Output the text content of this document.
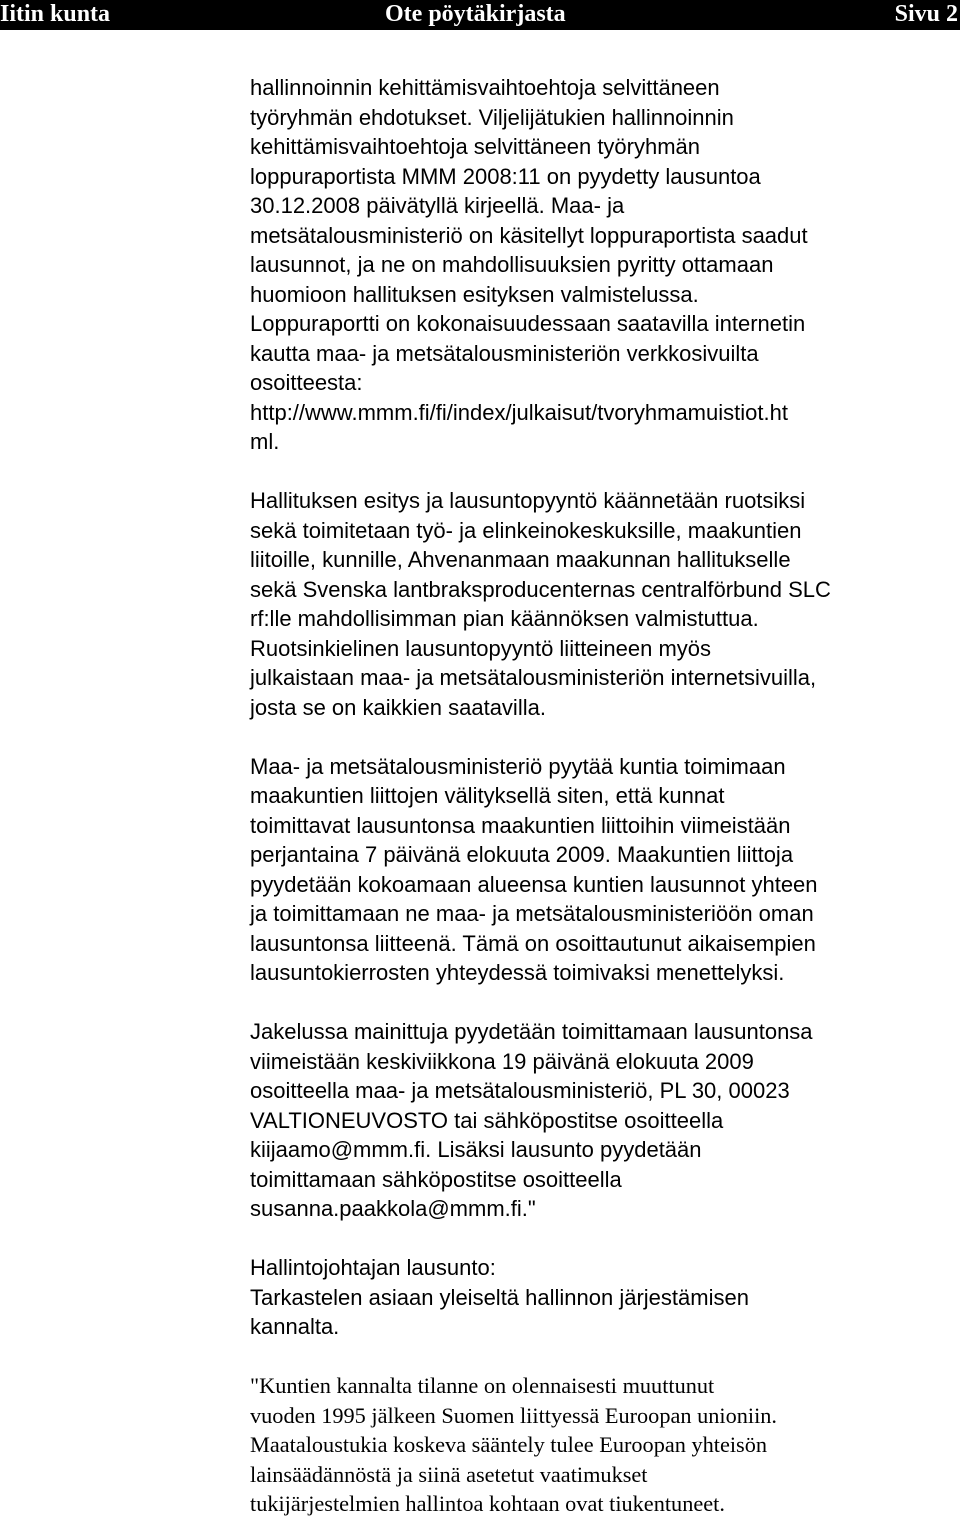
Iitin kunta	Ote pöytäkirjasta	Sivu 2
hallinnoinnin kehittämisvaihtoehtoja selvittäneen
työryhmän ehdotukset. Viljelijätukien hallinnoinnin
kehittämisvaihtoehtoja selvittäneen työryhmän
loppuraportista MMM 2008:11 on pyydetty lausuntoa
30.12.2008 päivätyllä kirjeellä. Maa- ja
metsätalousministeriö on käsitellyt loppuraportista saadut
lausunnot, ja ne on mahdollisuuksien pyritty ottamaan
huomioon hallituksen esityksen valmistelussa.
Loppuraportti on kokonaisuudessaan saatavilla internetin
kautta maa- ja metsätalousministeriön verkkosivuilta
osoitteesta:
http://www.mmm.fi/fi/index/julkaisut/tvoryhmamuistiot.ht
ml.
Hallituksen esitys ja lausuntopyyntö käännetään ruotsiksi
sekä toimitetaan työ- ja elinkeinokeskuksille, maakuntien
liitoille, kunnille, Ahvenanmaan maakunnan hallitukselle
sekä Svenska lantbraksproducenternas centralförbund SLC
rf:lle mahdollisimman pian käännöksen valmistuttua.
Ruotsinkielinen lausuntopyyntö liitteineen myös
julkaistaan maa- ja metsätalousministeriön internetsivuilla,
josta se on kaikkien saatavilla.
Maa- ja metsätalousministeriö pyytää kuntia toimimaan
maakuntien liittojen välityksellä siten, että kunnat
toimittavat lausuntonsa maakuntien liittoihin viimeistään
perjantaina 7 päivänä elokuuta 2009. Maakuntien liittoja
pyydetään kokoamaan alueensa kuntien lausunnot yhteen
ja toimittamaan ne maa- ja metsätalousministeriöön oman
lausuntonsa liitteenä. Tämä on osoittautunut aikaisempien
lausuntokierrosten yhteydessä toimivaksi menettelyksi.
Jakelussa mainittuja pyydetään toimittamaan lausuntonsa
viimeistään keskiviikkona 19 päivänä elokuuta 2009
osoitteella maa- ja metsätalousministeriö, PL 30, 00023
VALTIONEUVOSTO tai sähköpostitse osoitteella
kiijaamo@mmm.fi. Lisäksi lausunto pyydetään
toimittamaan sähköpostitse osoitteella
susanna.paakkola@mmm.fi."
Hallintojohtajan lausunto:
Tarkastelen asiaan yleiseltä hallinnon järjestämisen
kannalta.
"Kuntien kannalta tilanne on olennaisesti muuttunut
vuoden 1995 jälkeen Suomen liittyessä Euroopan unioniin.
Maataloustukia koskeva sääntely tulee Euroopan yhteisön
lainsäädännöstä ja siinä asetetut vaatimukset
tukijärjestelmien hallintoa kohtaan ovat tiukentuneet.
